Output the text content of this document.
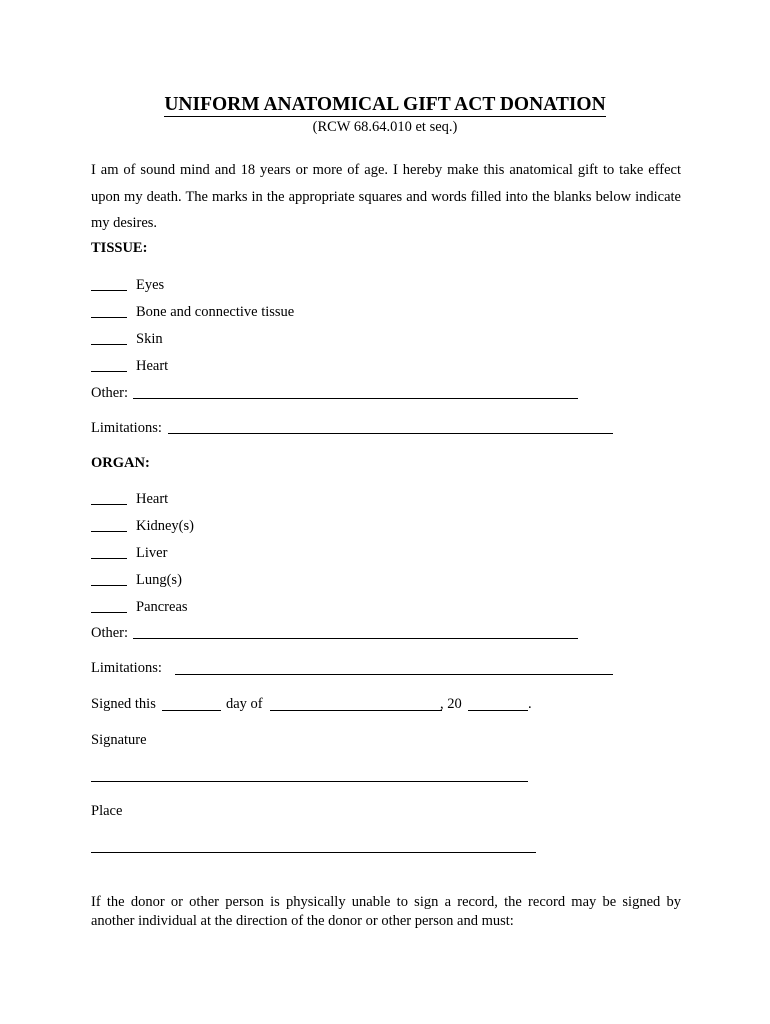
UNIFORM ANATOMICAL GIFT ACT DONATION
(RCW 68.64.010 et seq.)

I am of sound mind and 18 years or more of age. I hereby make this anatomical gift to take effect upon my death. The marks in the appropriate squares and words filled into the blanks below indicate my desires.

TISSUE:
Eyes
Bone and connective tissue
Skin
Heart
Other:
Limitations:
ORGAN:
Heart
Kidney(s)
Liver
Lung(s)
Pancreas
Other:
Limitations:
Signed this	day of	, 20	.
Signature
Place

If the donor or other person is physically unable to sign a record, the record may be signed by another individual at the direction of the donor or other person and must:
